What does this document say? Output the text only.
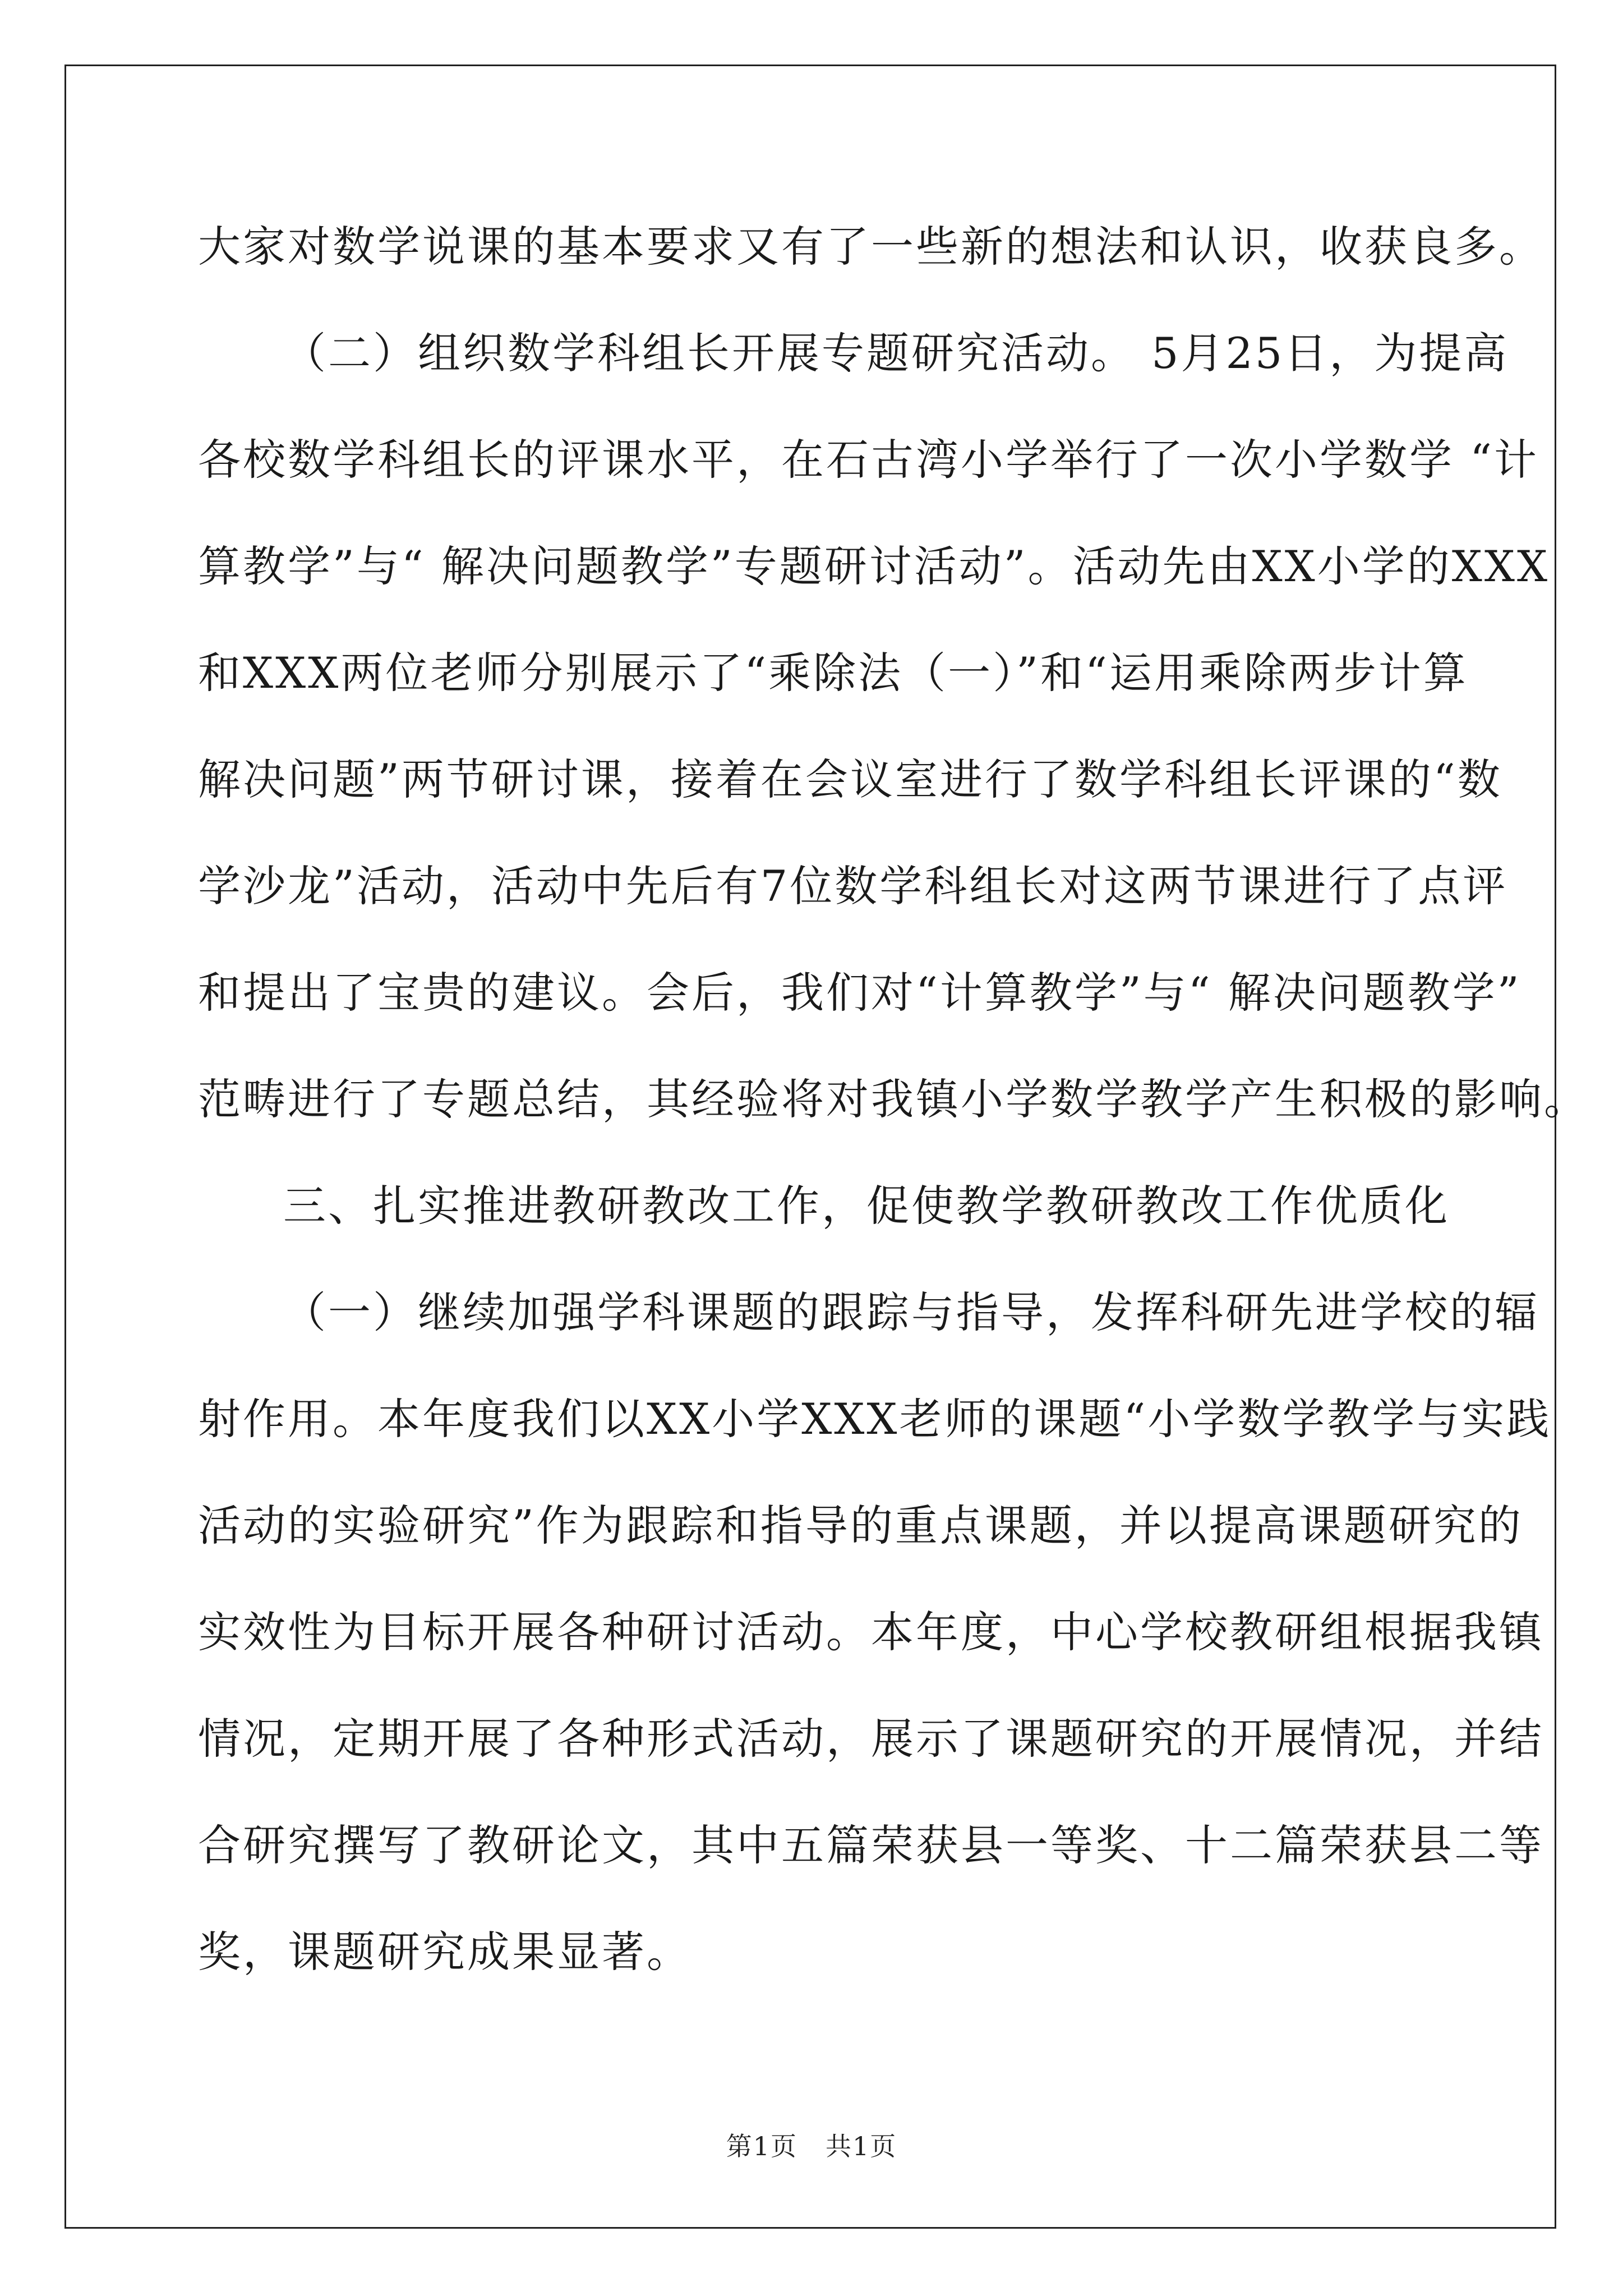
大家对数学说课的基本要求又有了一些新的想法和认识，收获良多。
（二）组织数学科组长开展专题研究活动。 5月25日，为提高
各校数学科组长的评课水平，在石古湾小学举行了一次小学数学 “计
算教学”与“ 解决问题教学”专题研讨活动”。活动先由XX小学的XXX
和XXX两位老师分别展示了“乘除法（一）”和“运用乘除两步计算
解决问题”两节研讨课，接着在会议室进行了数学科组长评课的“数
学沙龙”活动，活动中先后有7位数学科组长对这两节课进行了点评
和提出了宝贵的建议。会后，我们对“计算教学”与“ 解决问题教学”
范畴进行了专题总结，其经验将对我镇小学数学教学产生积极的影响。
三、扎实推进教研教改工作，促使教学教研教改工作优质化
（一）继续加强学科课题的跟踪与指导，发挥科研先进学校的辐
射作用。本年度我们以XX小学XXX老师的课题“小学数学教学与实践
活动的实验研究”作为跟踪和指导的重点课题，并以提高课题研究的
实效性为目标开展各种研讨活动。本年度，中心学校教研组根据我镇
情况，定期开展了各种形式活动，展示了课题研究的开展情况，并结
合研究撰写了教研论文，其中五篇荣获县一等奖、十二篇荣获县二等
奖，课题研究成果显著。
第1页 共1页
